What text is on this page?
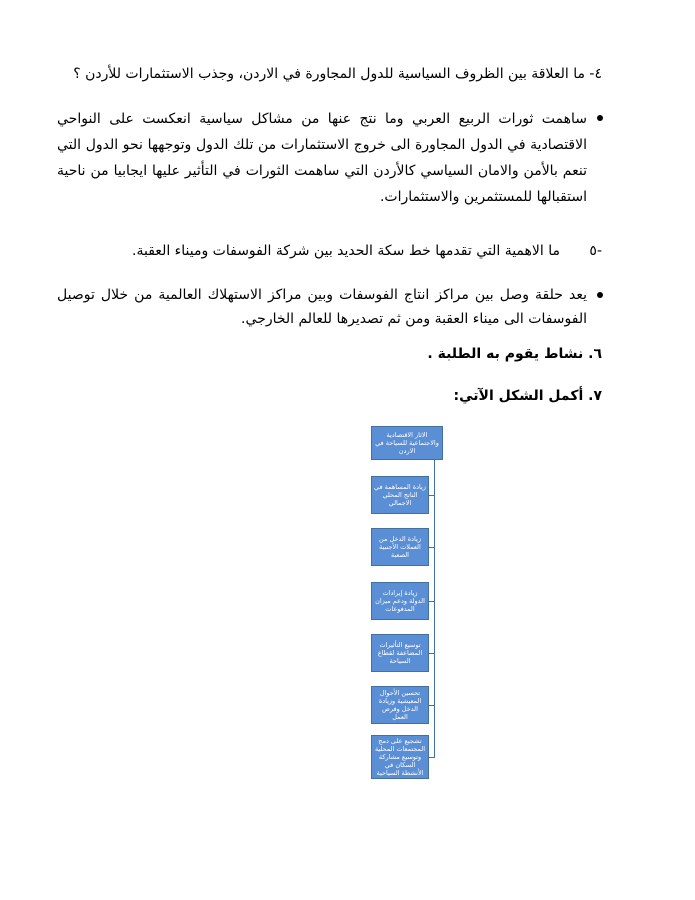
٤- ما العلاقة بين الظروف السياسية للدول المجاورة في الاردن، وجذب الاستثمارات للأردن ؟
ساهمت ثورات الربيع العربي وما نتج عنها من مشاكل سياسية انعكست على النواحي الاقتصادية في الدول المجاورة الى خروج الاستثمارات من تلك الدول وتوجهها نحو الدول التي تنعم بالأمن والامان السياسي كالأردن التي ساهمت الثورات في التأثير عليها ايجابيا من ناحية استقبالها للمستثمرين والاستثمارات.
-٥ما الاهمية التي تقدمها خط سكة الحديد بين شركة الفوسفات وميناء العقبة.
يعد حلقة وصل بين مراكز انتاج الفوسفات وبين مراكز الاستهلاك العالمية من خلال توصيل الفوسفات الى ميناء العقبة ومن ثم تصديرها للعالم الخارجي.
٦. نشاط يقوم به الطلبة .
٧. أكمل الشكل الآتي:
الاثار الاقتصادية والاجتماعية للسياحة في الاردن
زيادة المساهمة في الناتج المحلي الاجمالي
زيادة الدخل من العملات الأجنبية الصعبة
زيادة إيرادات الدولة ودعم ميزان المدفوعات
توسيع التأثيرات المضاعفة لقطاع السياحة
تحسين الأحوال المعيشية وزيادة الدخل وفرص العمل
تشجيع على دمج المجتمعات المحلية وتوسيع مشاركة السكان في الأنشطة السياحية
